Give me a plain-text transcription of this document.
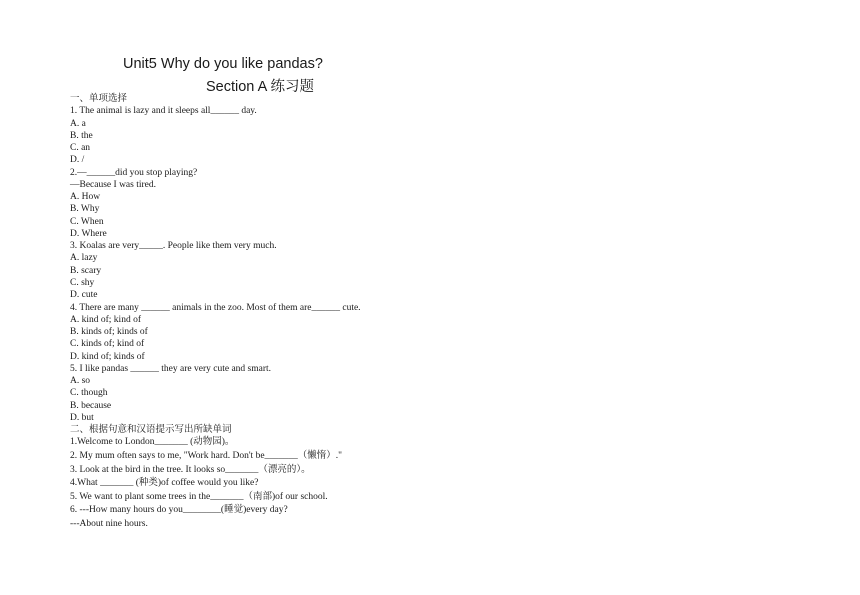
Unit5 Why do you like pandas?
Section A 练习题
一、单项选择
1. The animal is lazy and it sleeps all______ day.
A. a
B. the
C. an
D. /
2.—______did you stop playing?
—Because I was tired.
A. How
B. Why
C. When
D. Where
3. Koalas are very_____. People like them very much.
A. lazy
B. scary
C. shy
D. cute
4. There are many ______ animals in the zoo. Most of them are______ cute.
A. kind of; kind of
B. kinds of; kinds of
C. kinds of; kind of
D. kind of; kinds of
5. I like pandas ______ they are very cute and smart.
A. so
C. though
B. because
D. but
二、根据句意和汉语提示写出所缺单词
1.Welcome to London_______ (动物园)。
2. My mum often says to me, "Work hard. Don't be_______（懒惰）."
3. Look at the bird in the tree. It looks so_______（漂亮的）。
4.What _______ (种类)of coffee would you like?
5. We want to plant some trees in the_______（南部)of our school.
6. ---How many hours do you________(睡觉)every day?
---About nine hours.
